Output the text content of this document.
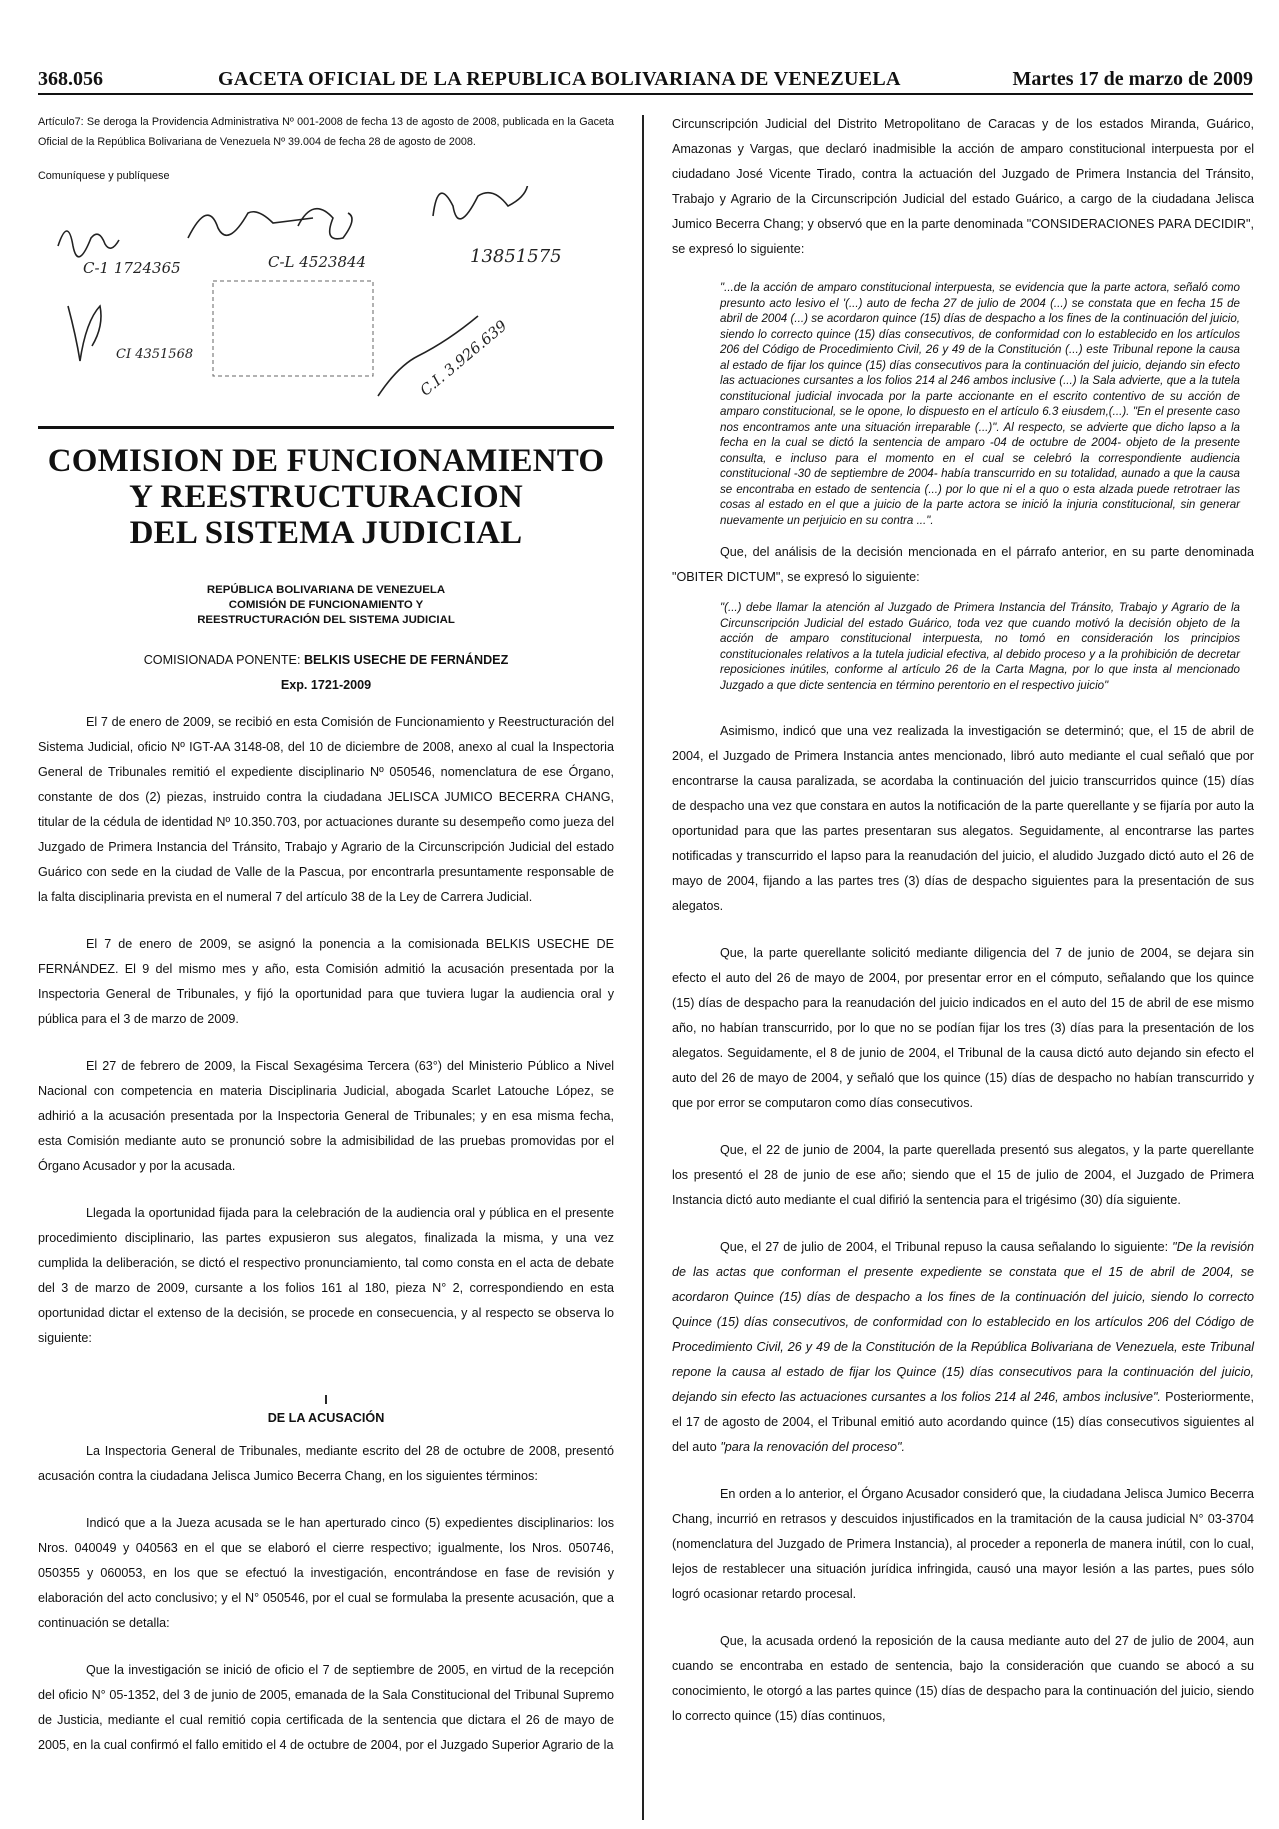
368.056	GACETA OFICIAL DE LA REPUBLICA BOLIVARIANA DE VENEZUELA	Martes 17 de marzo de 2009

Artículo7: Se deroga la Providencia Administrativa Nº 001-2008 de fecha 13 de agosto de 2008, publicada en la Gaceta Oficial de la República Bolivariana de Venezuela Nº 39.004 de fecha 28 de agosto de 2008.

Comuníquese y publíquese

C-1 1724365
CI 4351568
C-L 4523844	13851575
C.I. 3.926.639
COMISION DE FUNCIONAMIENTO
Y REESTRUCTURACION
DEL SISTEMA JUDICIAL
REPÚBLICA BOLIVARIANA DE VENEZUELA
COMISIÓN DE FUNCIONAMIENTO Y
REESTRUCTURACIÓN DEL SISTEMA JUDICIAL

COMISIONADA PONENTE: BELKIS USECHE DE FERNÁNDEZ

Exp. 1721-2009

El 7 de enero de 2009, se recibió en esta Comisión de Funcionamiento y Reestructuración del Sistema Judicial, oficio Nº IGT-AA 3148-08, del 10 de diciembre de 2008, anexo al cual la Inspectoria General de Tribunales remitió el expediente disciplinario Nº 050546, nomenclatura de ese Órgano, constante de dos (2) piezas, instruido contra la ciudadana JELISCA JUMICO BECERRA CHANG, titular de la cédula de identidad Nº 10.350.703, por actuaciones durante su desempeño como jueza del Juzgado de Primera Instancia del Tránsito, Trabajo y Agrario de la Circunscripción Judicial del estado Guárico con sede en la ciudad de Valle de la Pascua, por encontrarla presuntamente responsable de la falta disciplinaria prevista en el numeral 7 del artículo 38 de la Ley de Carrera Judicial.

El 7 de enero de 2009, se asignó la ponencia a la comisionada BELKIS USECHE DE FERNÁNDEZ. El 9 del mismo mes y año, esta Comisión admitió la acusación presentada por la Inspectoria General de Tribunales, y fijó la oportunidad para que tuviera lugar la audiencia oral y pública para el 3 de marzo de 2009.

El 27 de febrero de 2009, la Fiscal Sexagésima Tercera (63°) del Ministerio Público a Nivel Nacional con competencia en materia Disciplinaria Judicial, abogada Scarlet Latouche López, se adhirió a la acusación presentada por la Inspectoria General de Tribunales; y en esa misma fecha, esta Comisión mediante auto se pronunció sobre la admisibilidad de las pruebas promovidas por el Órgano Acusador y por la acusada.

Llegada la oportunidad fijada para la celebración de la audiencia oral y pública en el presente procedimiento disciplinario, las partes expusieron sus alegatos, finalizada la misma, y una vez cumplida la deliberación, se dictó el respectivo pronunciamiento, tal como consta en el acta de debate del 3 de marzo de 2009, cursante a los folios 161 al 180, pieza N° 2, correspondiendo en esta oportunidad dictar el extenso de la decisión, se procede en consecuencia, y al respecto se observa lo siguiente:

I

DE LA ACUSACIÓN

La Inspectoria General de Tribunales, mediante escrito del 28 de octubre de 2008, presentó acusación contra la ciudadana Jelisca Jumico Becerra Chang, en los siguientes términos:

Indicó que a la Jueza acusada se le han aperturado cinco (5) expedientes disciplinarios: los Nros. 040049 y 040563 en el que se elaboró el cierre respectivo; igualmente, los Nros. 050746, 050355 y 060053, en los que se efectuó la investigación, encontrándose en fase de revisión y elaboración del acto conclusivo; y el N° 050546, por el cual se formulaba la presente acusación, que a continuación se detalla:

Que la investigación se inició de oficio el 7 de septiembre de 2005, en virtud de la recepción del oficio N° 05-1352, del 3 de junio de 2005, emanada de la Sala Constitucional del Tribunal Supremo de Justicia, mediante el cual remitió copia certificada de la sentencia que dictara el 26 de mayo de 2005, en la cual confirmó el fallo emitido el 4 de octubre de 2004, por el Juzgado Superior Agrario de la

Circunscripción Judicial del Distrito Metropolitano de Caracas y de los estados Miranda, Guárico, Amazonas y Vargas, que declaró inadmisible la acción de amparo constitucional interpuesta por el ciudadano José Vicente Tirado, contra la actuación del Juzgado de Primera Instancia del Tránsito, Trabajo y Agrario de la Circunscripción Judicial del estado Guárico, a cargo de la ciudadana Jelisca Jumico Becerra Chang; y observó que en la parte denominada "CONSIDERACIONES PARA DECIDIR", se expresó lo siguiente:

"...de la acción de amparo constitucional interpuesta, se evidencia que la parte actora, señaló como presunto acto lesivo el '(...) auto de fecha 27 de julio de 2004 (...) se constata que en fecha 15 de abril de 2004 (...) se acordaron quince (15) días de despacho a los fines de la continuación del juicio, siendo lo correcto quince (15) días consecutivos, de conformidad con lo establecido en los artículos 206 del Código de Procedimiento Civil, 26 y 49 de la Constitución (...) este Tribunal repone la causa al estado de fijar los quince (15) días consecutivos para la continuación del juicio, dejando sin efecto las actuaciones cursantes a los folios 214 al 246 ambos inclusive (...) la Sala advierte, que a la tutela constitucional judicial invocada por la parte accionante en el escrito contentivo de su acción de amparo constitucional, se le opone, lo dispuesto en el artículo 6.3 eiusdem,(...). "En el presente caso nos encontramos ante una situación irreparable (...)". Al respecto, se advierte que dicho lapso a la fecha en la cual se dictó la sentencia de amparo -04 de octubre de 2004- objeto de la presente consulta, e incluso para el momento en el cual se celebró la correspondiente audiencia constitucional -30 de septiembre de 2004- había transcurrido en su totalidad, aunado a que la causa se encontraba en estado de sentencia (...) por lo que ni el a quo o esta alzada puede retrotraer las cosas al estado en el que a juicio de la parte actora se inició la injuria constitucional, sin generar nuevamente un perjuicio en su contra ...".

Que, del análisis de la decisión mencionada en el párrafo anterior, en su parte denominada "OBITER DICTUM", se expresó lo siguiente:

"(...) debe llamar la atención al Juzgado de Primera Instancia del Tránsito, Trabajo y Agrario de la Circunscripción Judicial del estado Guárico, toda vez que cuando motivó la decisión objeto de la acción de amparo constitucional interpuesta, no tomó en consideración los principios constitucionales relativos a la tutela judicial efectiva, al debido proceso y a la prohibición de decretar reposiciones inútiles, conforme al artículo 26 de la Carta Magna, por lo que insta al mencionado Juzgado a que dicte sentencia en término perentorio en el respectivo juicio"

Asimismo, indicó que una vez realizada la investigación se determinó; que, el 15 de abril de 2004, el Juzgado de Primera Instancia antes mencionado, libró auto mediante el cual señaló que por encontrarse la causa paralizada, se acordaba la continuación del juicio transcurridos quince (15) días de despacho una vez que constara en autos la notificación de la parte querellante y se fijaría por auto la oportunidad para que las partes presentaran sus alegatos. Seguidamente, al encontrarse las partes notificadas y transcurrido el lapso para la reanudación del juicio, el aludido Juzgado dictó auto el 26 de mayo de 2004, fijando a las partes tres (3) días de despacho siguientes para la presentación de sus alegatos.

Que, la parte querellante solicitó mediante diligencia del 7 de junio de 2004, se dejara sin efecto el auto del 26 de mayo de 2004, por presentar error en el cómputo, señalando que los quince (15) días de despacho para la reanudación del juicio indicados en el auto del 15 de abril de ese mismo año, no habían transcurrido, por lo que no se podían fijar los tres (3) días para la presentación de los alegatos. Seguidamente, el 8 de junio de 2004, el Tribunal de la causa dictó auto dejando sin efecto el auto del 26 de mayo de 2004, y señaló que los quince (15) días de despacho no habían transcurrido y que por error se computaron como días consecutivos.

Que, el 22 de junio de 2004, la parte querellada presentó sus alegatos, y la parte querellante los presentó el 28 de junio de ese año; siendo que el 15 de julio de 2004, el Juzgado de Primera Instancia dictó auto mediante el cual difirió la sentencia para el trigésimo (30) día siguiente.

Que, el 27 de julio de 2004, el Tribunal repuso la causa señalando lo siguiente: "De la revisión de las actas que conforman el presente expediente se constata que el 15 de abril de 2004, se acordaron Quince (15) días de despacho a los fines de la continuación del juicio, siendo lo correcto Quince (15) días consecutivos, de conformidad con lo establecido en los artículos 206 del Código de Procedimiento Civil, 26 y 49 de la Constitución de la República Bolivariana de Venezuela, este Tribunal repone la causa al estado de fijar los Quince (15) días consecutivos para la continuación del juicio, dejando sin efecto las actuaciones cursantes a los folios 214 al 246, ambos inclusive". Posteriormente, el 17 de agosto de 2004, el Tribunal emitió auto acordando quince (15) días consecutivos siguientes al del auto "para la renovación del proceso".

En orden a lo anterior, el Órgano Acusador consideró que, la ciudadana Jelisca Jumico Becerra Chang, incurrió en retrasos y descuidos injustificados en la tramitación de la causa judicial N° 03-3704 (nomenclatura del Juzgado de Primera Instancia), al proceder a reponerla de manera inútil, con lo cual, lejos de restablecer una situación jurídica infringida, causó una mayor lesión a las partes, pues sólo logró ocasionar retardo procesal.

Que, la acusada ordenó la reposición de la causa mediante auto del 27 de julio de 2004, aun cuando se encontraba en estado de sentencia, bajo la consideración que cuando se abocó a su conocimiento, le otorgó a las partes quince (15) días de despacho para la continuación del juicio, siendo lo correcto quince (15) días continuos,
